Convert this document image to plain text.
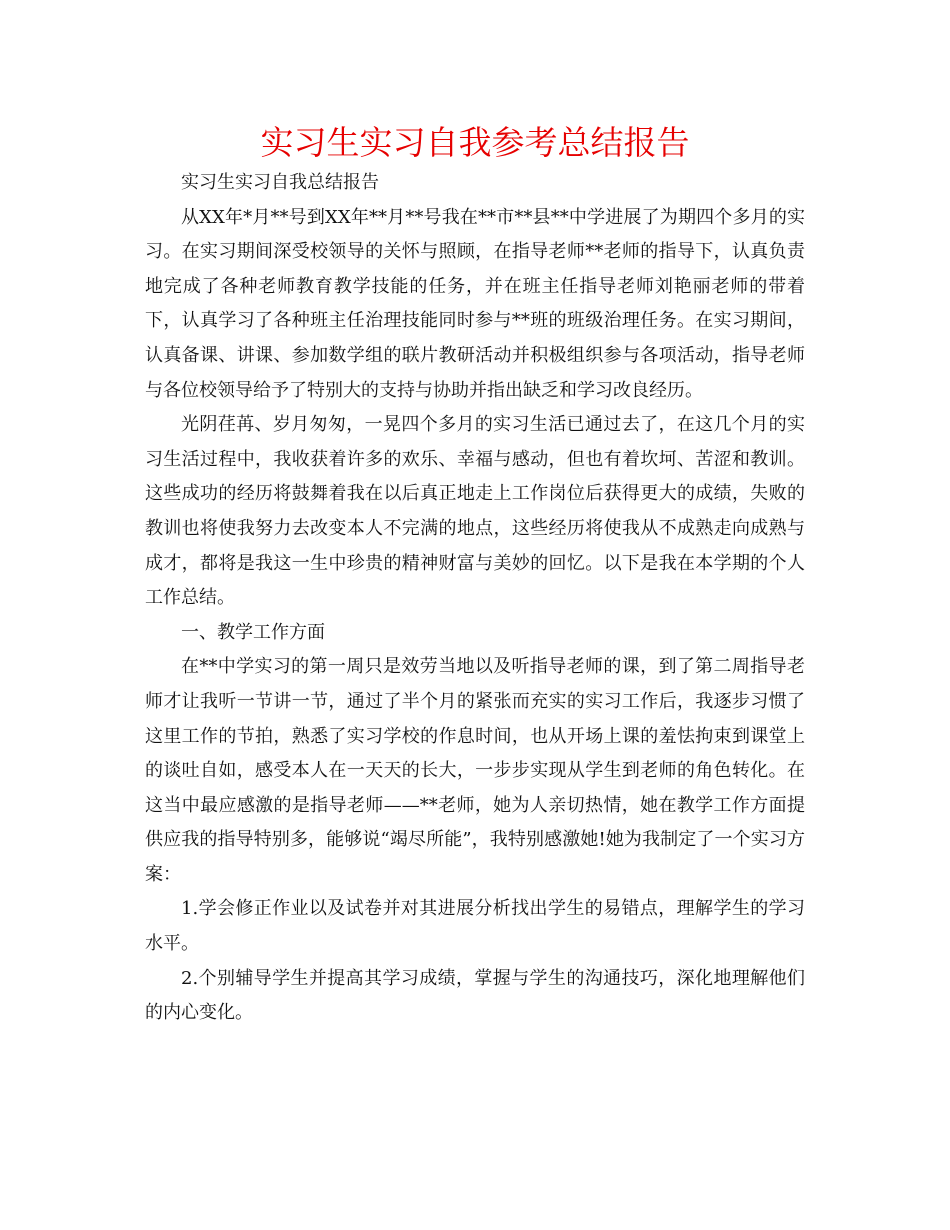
实习生实习自我参考总结报告

实习生实习自我总结报告

从XX年*月**号到XX年**月**号我在**市**县**中学进展了为期四个多月的实习。在实习期间深受校领导的关怀与照顾，在指导老师**老师的指导下，认真负责地完成了各种老师教育教学技能的任务，并在班主任指导老师刘艳丽老师的带着下，认真学习了各种班主任治理技能同时参与**班的班级治理任务。在实习期间，认真备课、讲课、参加数学组的联片教研活动并积极组织参与各项活动，指导老师与各位校领导给予了特别大的支持与协助并指出缺乏和学习改良经历。

光阴荏苒、岁月匆匆，一晃四个多月的实习生活已通过去了，在这几个月的实习生活过程中，我收获着许多的欢乐、幸福与感动，但也有着坎坷、苦涩和教训。这些成功的经历将鼓舞着我在以后真正地走上工作岗位后获得更大的成绩，失败的教训也将使我努力去改变本人不完满的地点，这些经历将使我从不成熟走向成熟与成才，都将是我这一生中珍贵的精神财富与美妙的回忆。以下是我在本学期的个人工作总结。

一、教学工作方面

在**中学实习的第一周只是效劳当地以及听指导老师的课，到了第二周指导老师才让我听一节讲一节，通过了半个月的紧张而充实的实习工作后，我逐步习惯了这里工作的节拍，熟悉了实习学校的作息时间，也从开场上课的羞怯拘束到课堂上的谈吐自如，感受本人在一天天的长大，一步步实现从学生到老师的角色转化。在这当中最应感激的是指导老师——**老师，她为人亲切热情，她在教学工作方面提供应我的指导特别多，能够说“竭尽所能”，我特别感激她!她为我制定了一个实习方案：

1.学会修正作业以及试卷并对其进展分析找出学生的易错点，理解学生的学习水平。

2.个别辅导学生并提高其学习成绩，掌握与学生的沟通技巧，深化地理解他们的内心变化。
